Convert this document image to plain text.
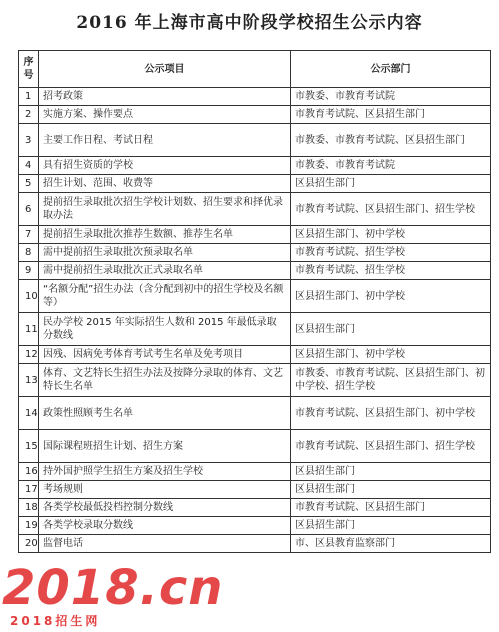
2016 年上海市高中阶段学校招生公示内容
序号	公示项目	公示部门
1	招考政策	市教委、市教育考试院
2	实施方案、操作要点	市教育考试院、区县招生部门
3	主要工作日程、考试日程	市教委、市教育考试院、区县招生部门
4	具有招生资质的学校	市教委、市教育考试院
5	招生计划、范围、收费等	区县招生部门
6	提前招生录取批次招生学校计划数、招生要求和择优录取办法	市教育考试院、区县招生部门、招生学校
7	提前招生录取批次推荐生数额、推荐生名单	区县招生部门、初中学校
8	需中提前招生录取批次预录取名单	市教育考试院、招生学校
9	需中提前招生录取批次正式录取名单	市教育考试院、招生学校
10	“名额分配”招生办法（含分配到初中的招生学校及名额等）	区县招生部门、初中学校
11	民办学校 2015 年实际招生人数和 2015 年最低录取分数线	区县招生部门
12	因残、因病免考体育考试考生名单及免考项目	区县招生部门、初中学校
13	体育、文艺特长生招生办法及按降分录取的体育、文艺特长生名单	市教委、市教育考试院、区县招生部门、初中学校、招生学校
14	政策性照顾考生名单	市教育考试院、区县招生部门、初中学校
15	国际课程班招生计划、招生方案	市教育考试院、区县招生部门、招生学校
16	持外国护照学生招生方案及招生学校	区县招生部门
17	考场规则	区县招生部门
18	各类学校最低投档控制分数线	市教育考试院、区县招生部门
19	各类学校录取分数线	区县招生部门
20	监督电话	市、区县教育监察部门
2018.cn
2018招生网
